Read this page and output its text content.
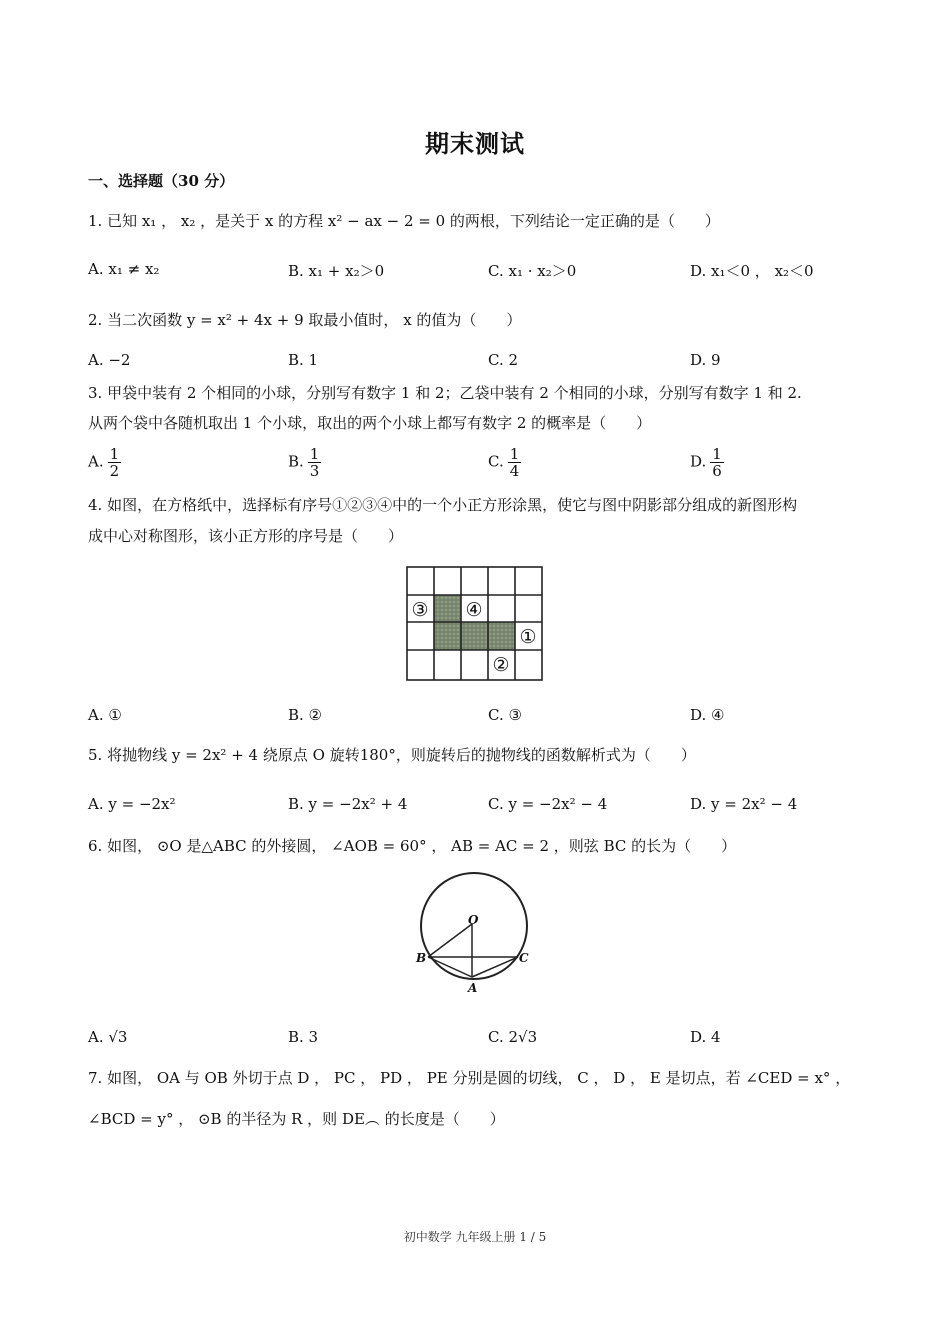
期末测试
一、选择题（30 分）
1. 已知 x₁ ， x₂ ，是关于 x 的方程 x² − ax − 2 = 0 的两根，下列结论一定正确的是（　　）
A. x₁ ≠ x₂	B. x₁ + x₂＞0	C. x₁ · x₂＞0	D. x₁＜0 ， x₂＜0
2. 当二次函数 y = x² + 4x + 9 取最小值时， x 的值为（　　）
A. −2	B. 1	C. 2	D. 9
3. 甲袋中装有 2 个相同的小球，分别写有数字 1 和 2；乙袋中装有 2 个相同的小球，分别写有数字 1 和 2.
从两个袋中各随机取出 1 个小球，取出的两个小球上都写有数字 2 的概率是（　　）
A. $\frac{1}{2}$	B. $\frac{1}{3}$	C. $\frac{1}{4}$	D. $\frac{1}{6}$
4. 如图，在方格纸中，选择标有序号①②③④中的一个小正方形涂黑，使它与图中阴影部分组成的新图形构
成中心对称图形，该小正方形的序号是（　　）
③ ④
①
②
A. ①	B. ②	C. ③	D. ④
5. 将抛物线 y = 2x² + 4 绕原点 O 旋转180°，则旋转后的抛物线的函数解析式为（　　）
A. y = −2x²	B. y = −2x² + 4	C. y = −2x² − 4	D. y = 2x² − 4
6. 如图， ⊙O 是△ABC 的外接圆， ∠AOB = 60° ， AB = AC = 2 ，则弦 BC 的长为（　　）
O
B	C
A
A. √3	B. 3	C. 2√3	D. 4
7. 如图， OA 与 OB 外切于点 D ， PC ， PD ， PE 分别是圆的切线， C ， D ， E 是切点，若 ∠CED = x° ，
∠BCD = y° ， ⊙B 的半径为 R ，则 DE︵ 的长度是（　　）
初中数学 九年级上册 1 / 5
